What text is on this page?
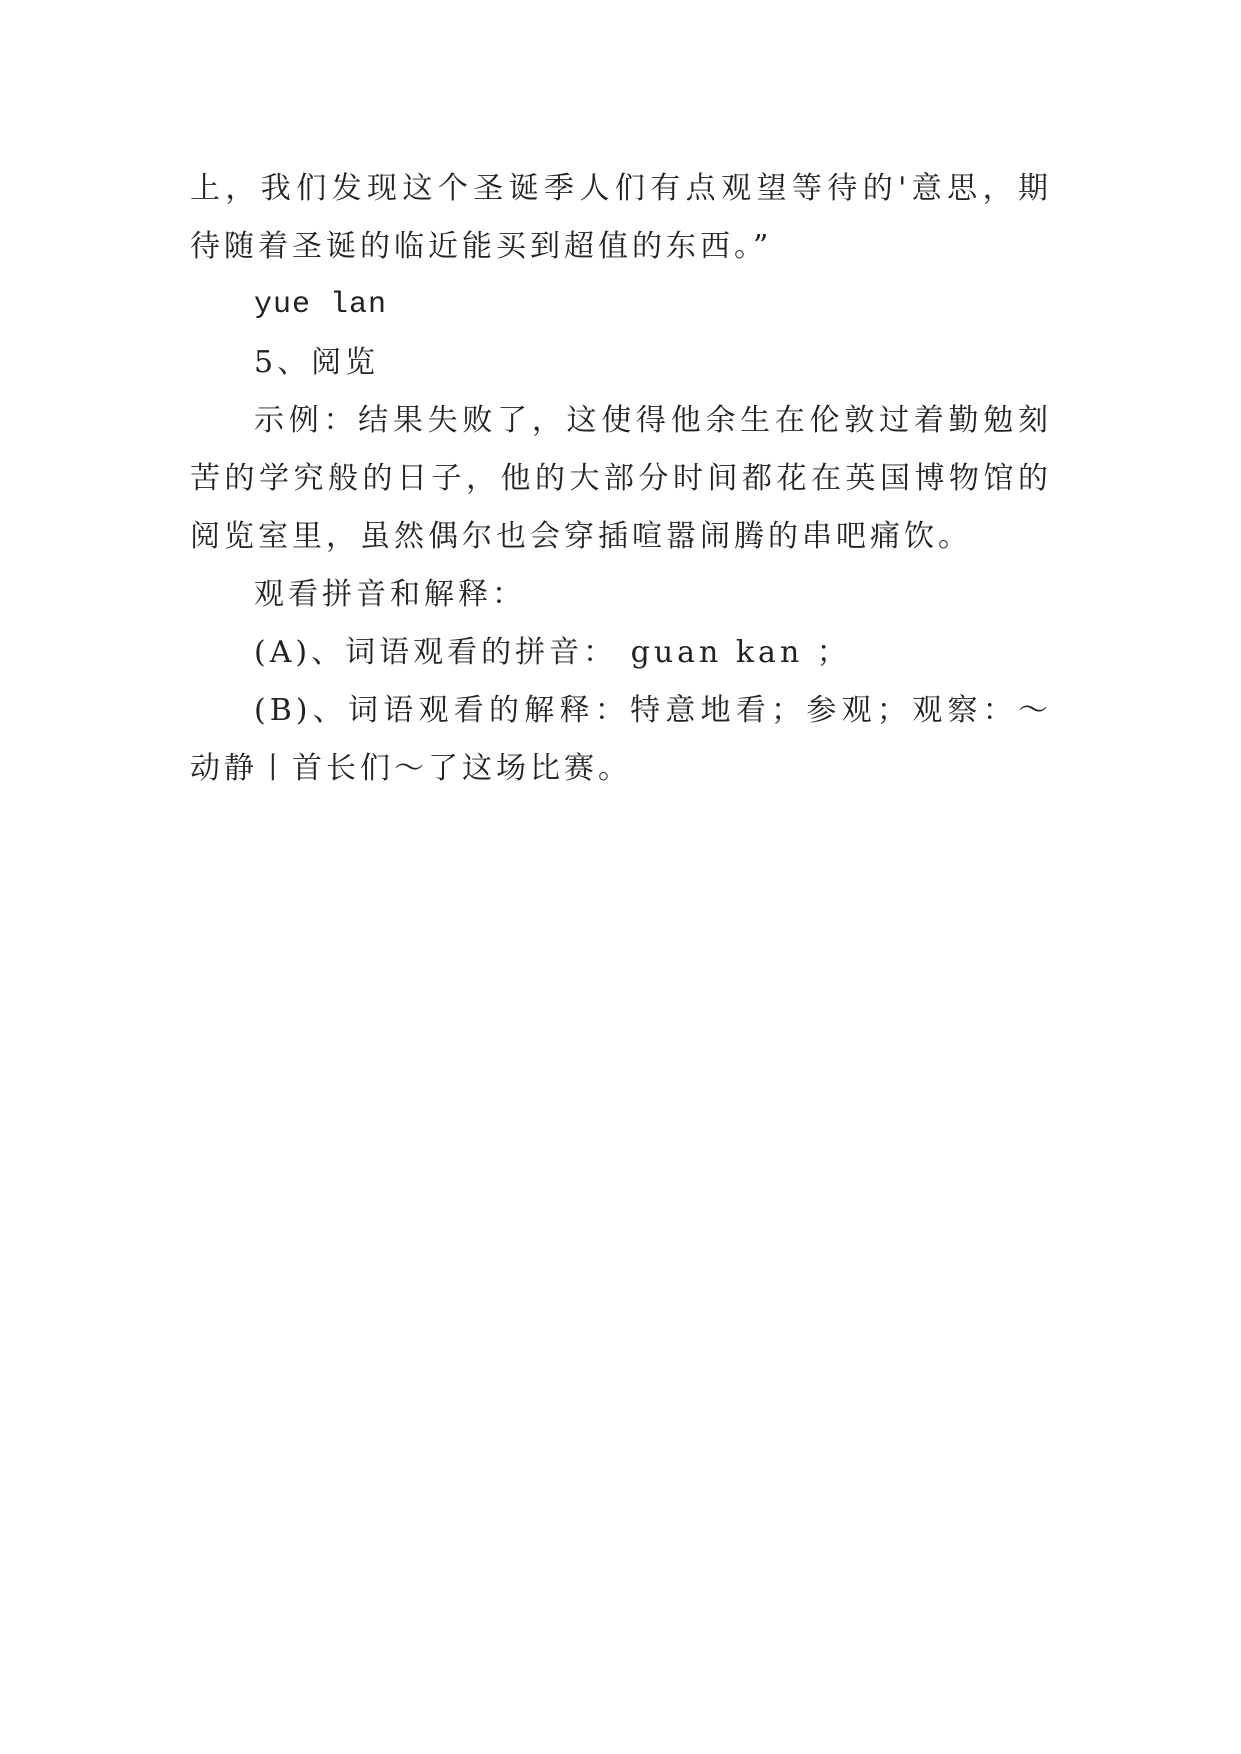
上，我们发现这个圣诞季人们有点观望等待的'意思，期待随着圣诞的临近能买到超值的东西。”

yue lan

5、阅览

示例：结果失败了，这使得他余生在伦敦过着勤勉刻苦的学究般的日子，他的大部分时间都花在英国博物馆的阅览室里，虽然偶尔也会穿插喧嚣闹腾的串吧痛饮。

观看拼音和解释：

(A)、词语观看的拼音： guan kan ；

(B)、词语观看的解释：特意地看；参观；观察：～动静丨首长们～了这场比赛。
